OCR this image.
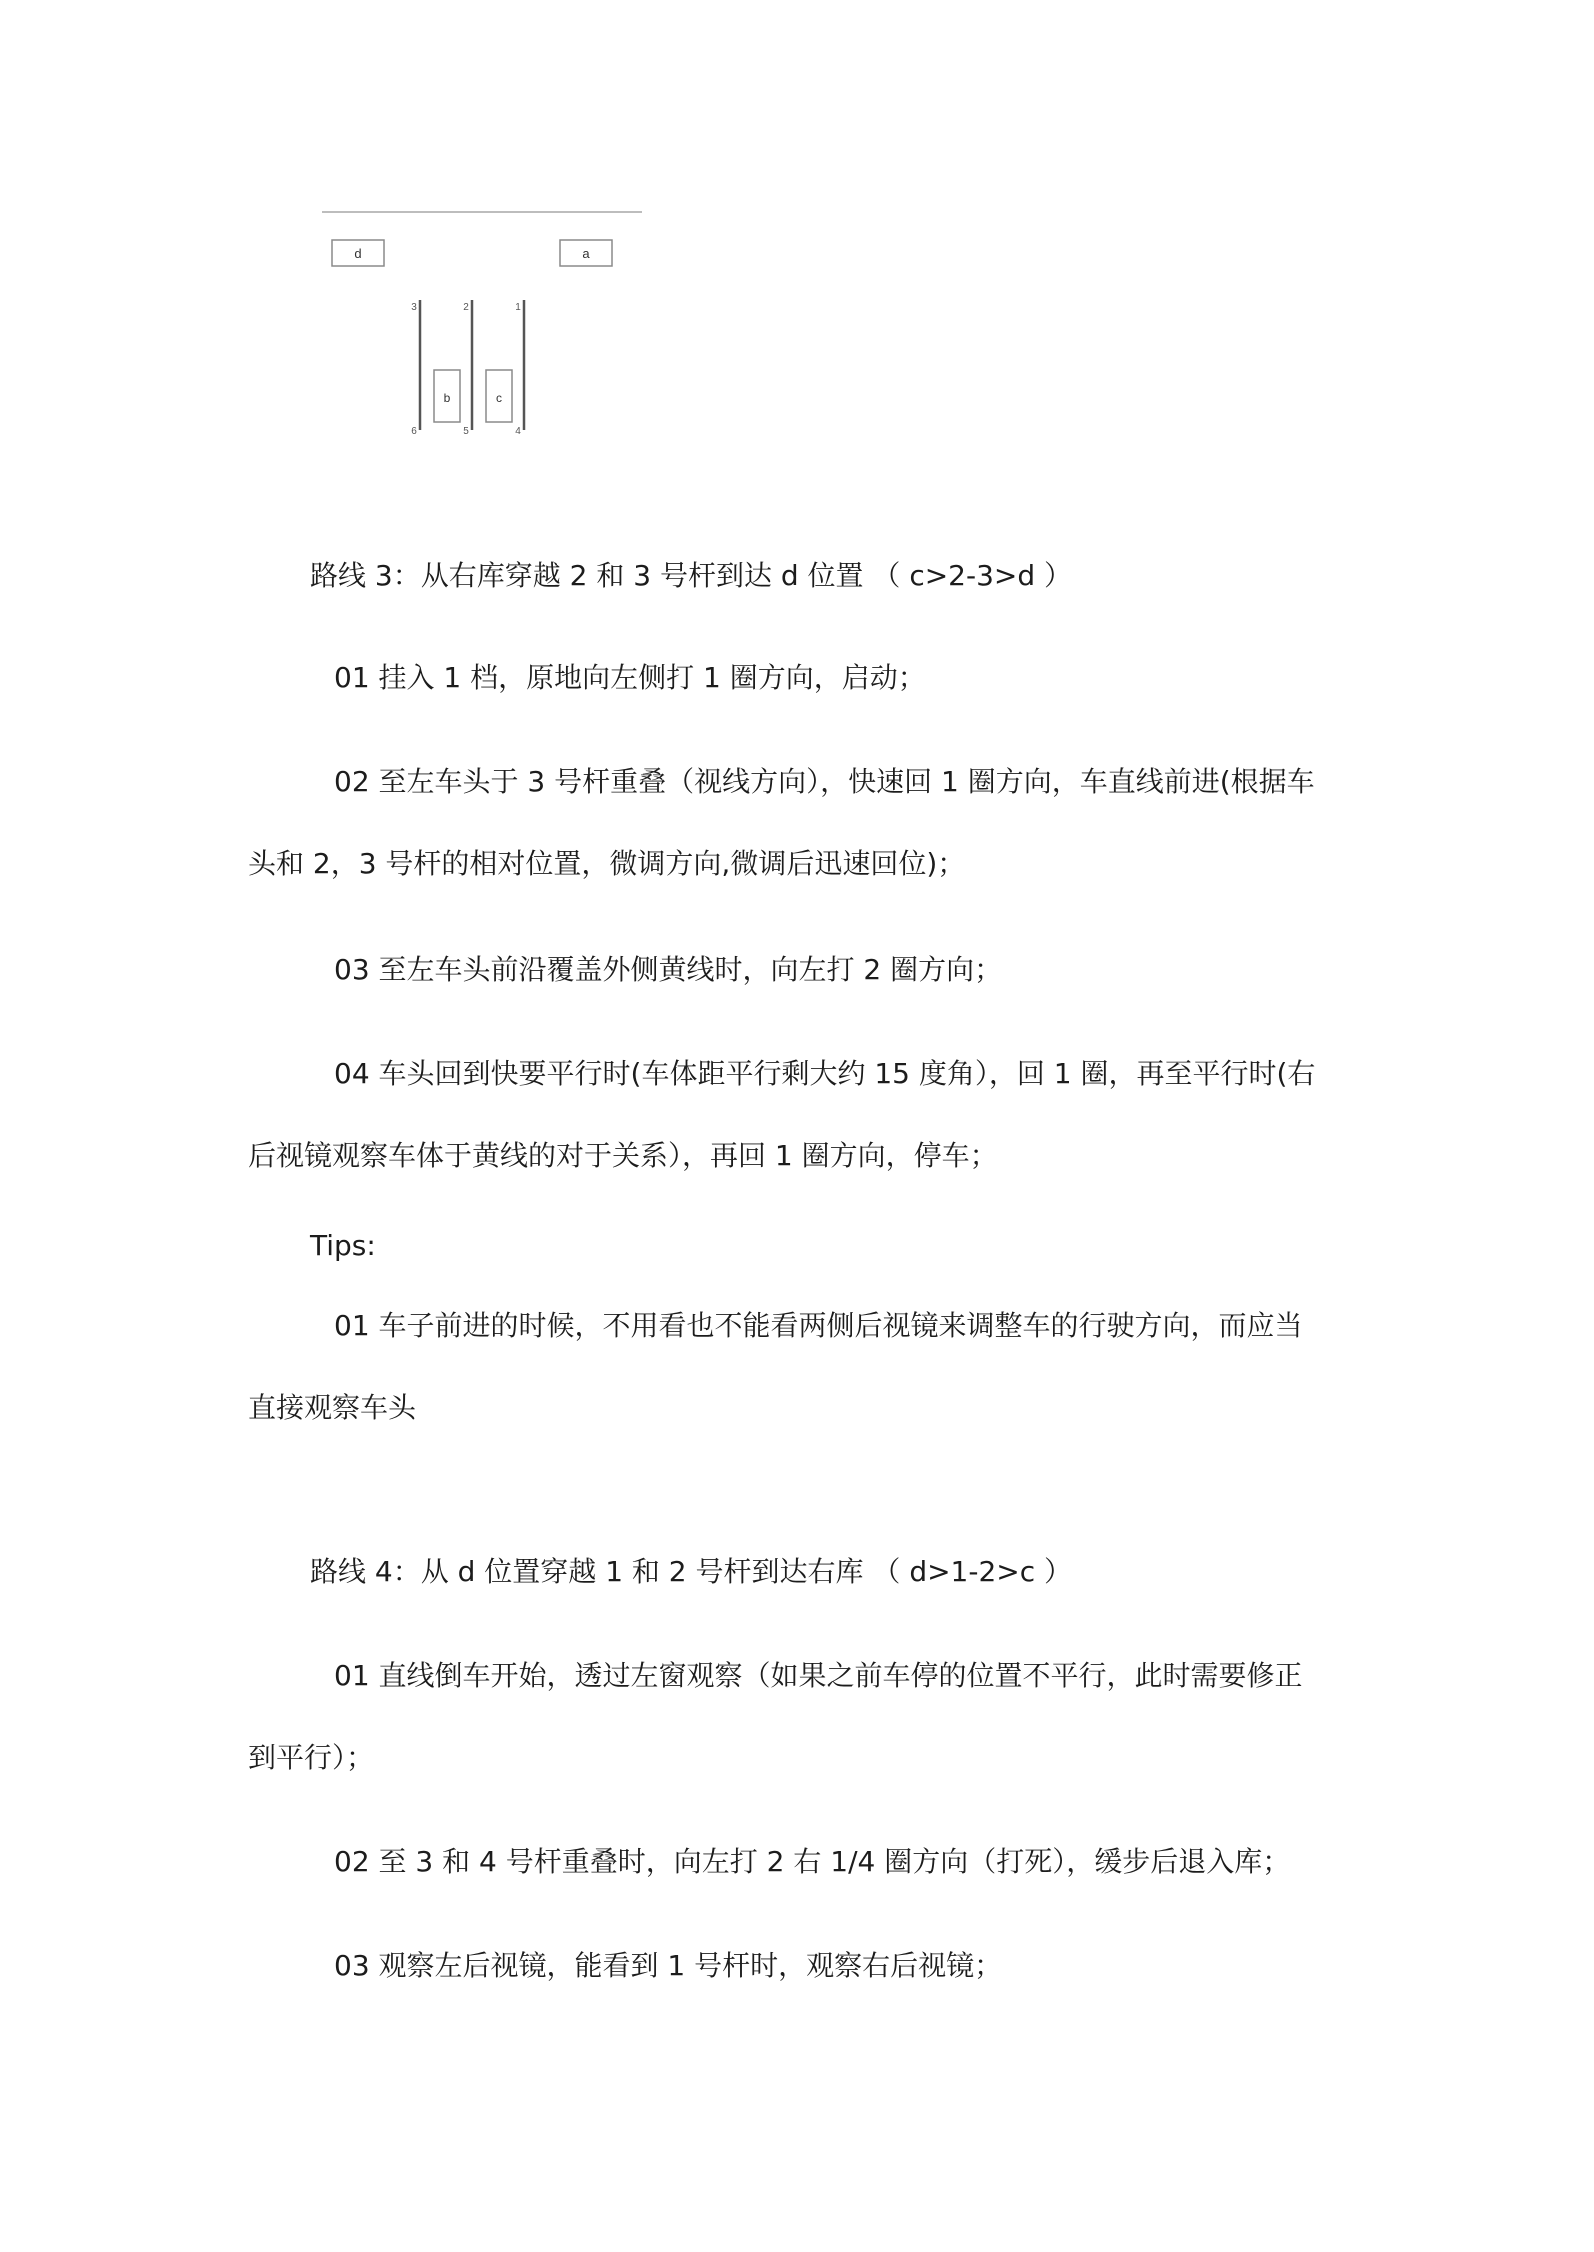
d	a
3	2	1
6	5	4
b	c
路线 3：从右库穿越 2 和 3 号杆到达 d 位置 （ c>2-3>d ）
01 挂入 1 档，原地向左侧打 1 圈方向，启动；
02 至左车头于 3 号杆重叠（视线方向），快速回 1 圈方向，车直线前进(根据车
头和 2，3 号杆的相对位置，微调方向,微调后迅速回位)；
03 至左车头前沿覆盖外侧黄线时，向左打 2 圈方向；
04 车头回到快要平行时(车体距平行剩大约 15 度角），回 1 圈，再至平行时(右
后视镜观察车体于黄线的对于关系），再回 1 圈方向，停车；
Tips:
01 车子前进的时候，不用看也不能看两侧后视镜来调整车的行驶方向，而应当
直接观察车头
路线 4：从 d 位置穿越 1 和 2 号杆到达右库 （ d>1-2>c ）
01 直线倒车开始，透过左窗观察（如果之前车停的位置不平行，此时需要修正
到平行）；
02 至 3 和 4 号杆重叠时，向左打 2 右 1/4 圈方向（打死），缓步后退入库；
03 观察左后视镜，能看到 1 号杆时，观察右后视镜；
